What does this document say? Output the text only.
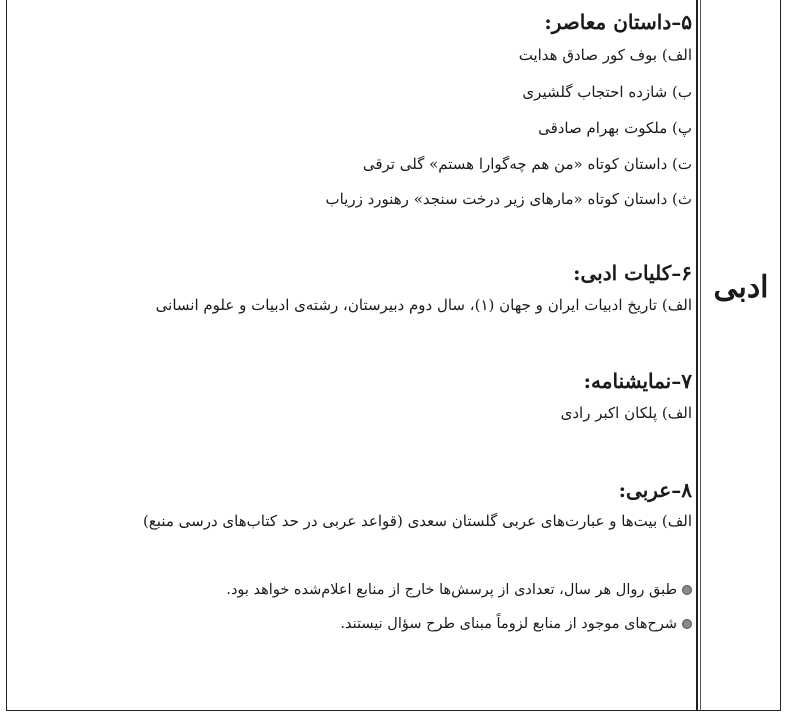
ادبی
۵–داستان معاصر:
الف) بوف کور صادق هدایت
ب) شازده احتجاب گلشیری
پ) ملکوت بهرام صادقی
ت) داستان کوتاه «من هم چه‌گوارا هستم» گلی ترقی
ث) داستان کوتاه «مارهای زیر درخت سنجد» رهنورد زریاب
۶–کلیات ادبی:
الف) تاریخ ادبیات ایران و جهان (۱)، سال دوم دبیرستان، رشته‌ی ادبیات و علوم انسانی
۷–نمایشنامه:
الف) پلکان اکبر رادی
۸–عربی:
الف) بیت‌ها و عبارت‌های عربی گلستان سعدی (قواعد عربی در حد کتاب‌های درسی منبع)
طبق روال هر سال، تعدادی از پرسش‌ها خارج از منابع اعلام‌شده خواهد بود.
شرح‌های موجود از منابع لزوماً مبنای طرح سؤال نیستند.
